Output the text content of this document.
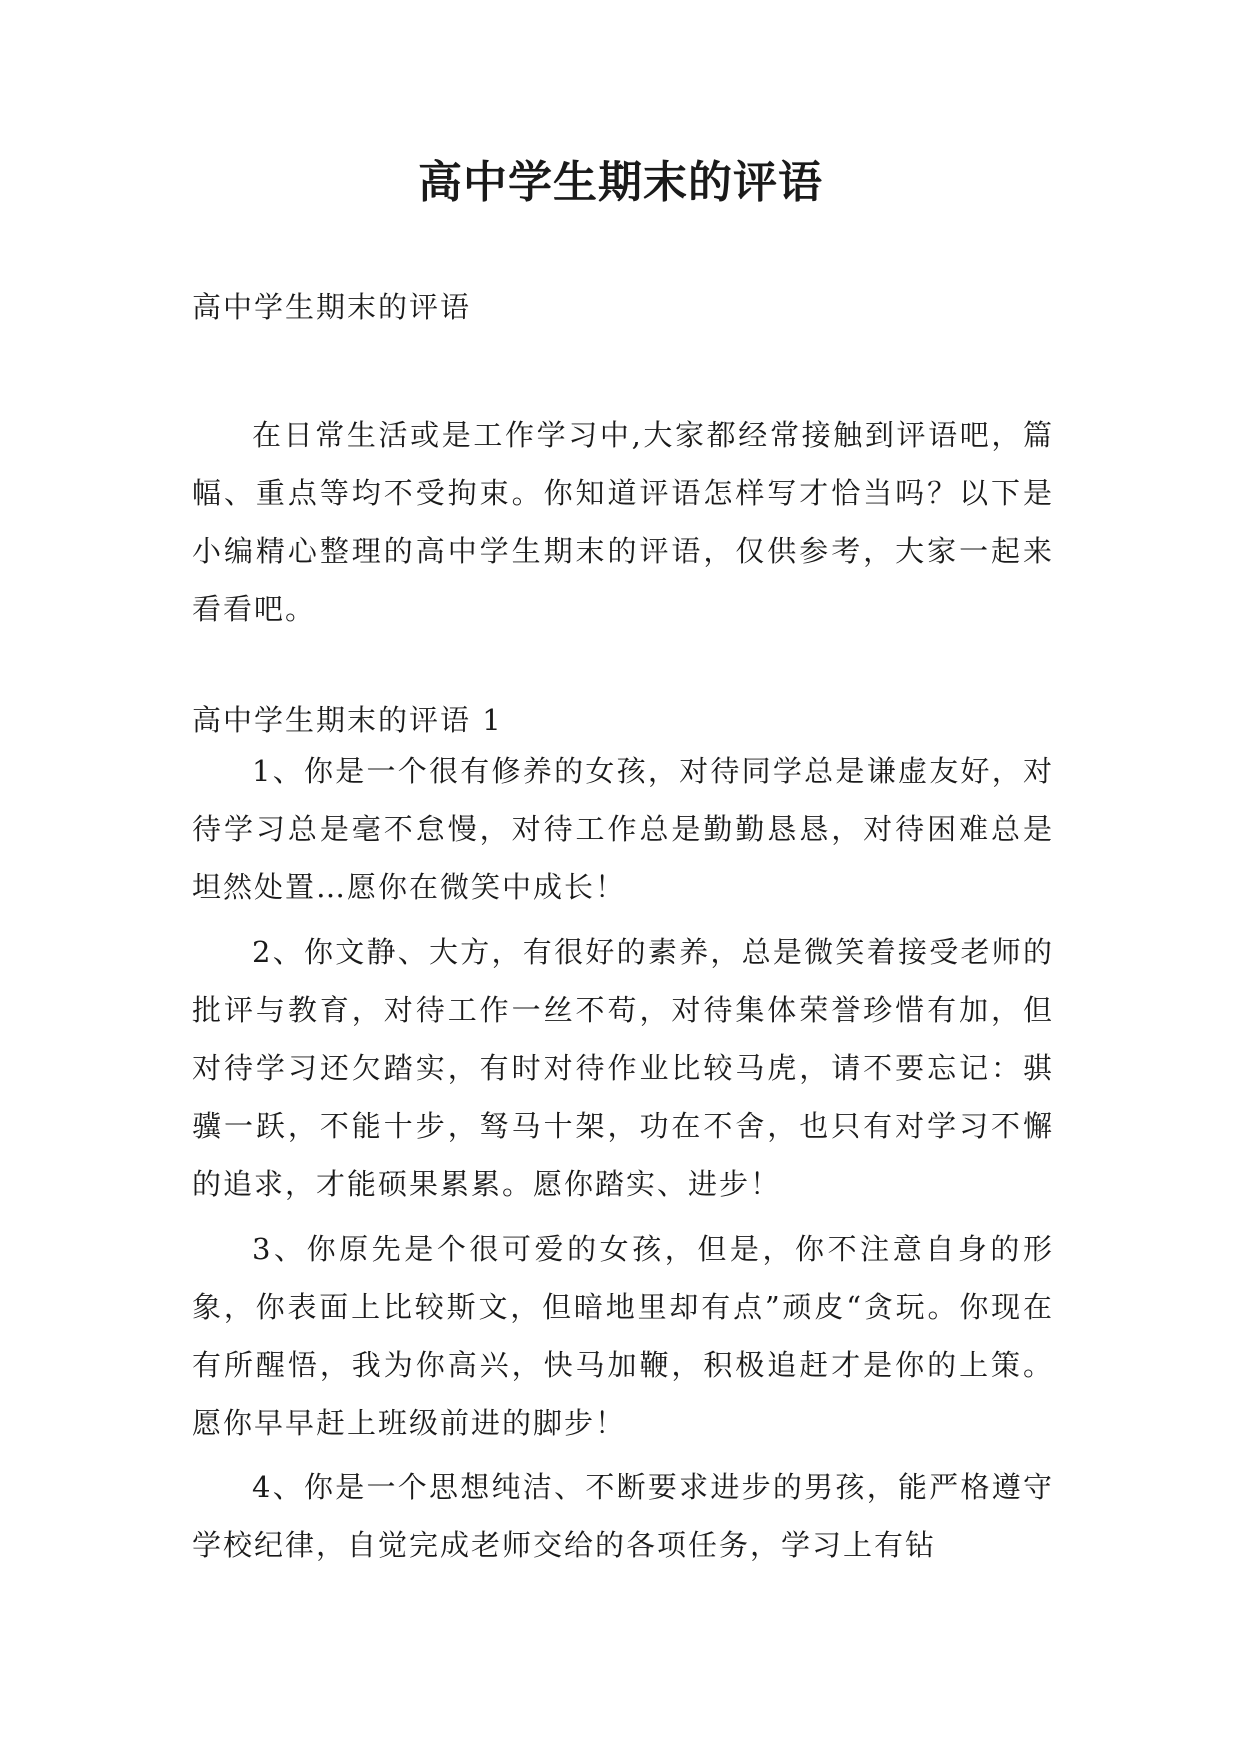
高中学生期末的评语

高中学生期末的评语

在日常生活或是工作学习中,大家都经常接触到评语吧，篇幅、重点等均不受拘束。你知道评语怎样写才恰当吗？以下是小编精心整理的高中学生期末的评语，仅供参考，大家一起来看看吧。

高中学生期末的评语 1

1、你是一个很有修养的女孩，对待同学总是谦虚友好，对待学习总是毫不怠慢，对待工作总是勤勤恳恳，对待困难总是坦然处置…愿你在微笑中成长！

2、你文静、大方，有很好的素养，总是微笑着接受老师的批评与教育，对待工作一丝不苟，对待集体荣誉珍惜有加，但对待学习还欠踏实，有时对待作业比较马虎，请不要忘记：骐骥一跃，不能十步，驽马十架，功在不舍，也只有对学习不懈的追求，才能硕果累累。愿你踏实、进步！

3、你原先是个很可爱的女孩，但是，你不注意自身的形象，你表面上比较斯文，但暗地里却有点”顽皮“贪玩。你现在有所醒悟，我为你高兴，快马加鞭，积极追赶才是你的上策。愿你早早赶上班级前进的脚步！

4、你是一个思想纯洁、不断要求进步的男孩，能严格遵守学校纪律，自觉完成老师交给的各项任务，学习上有钻
